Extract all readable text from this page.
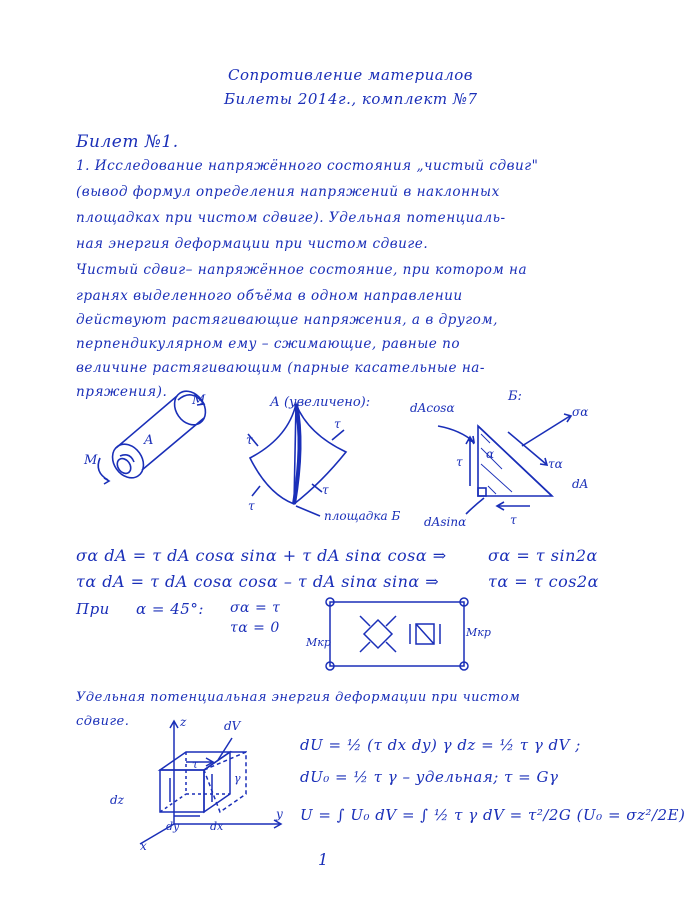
Сопротивление материалов
Билеты 2014г., комплект №7
Билет №1.
1. Исследование напряжённого состояния „чистый сдвиг"
(вывод формул определения напряжений в наклонных
площадках при чистом сдвиге). Удельная потенциаль-
ная энергия деформации при чистом сдвиге.
Чистый сдвиг– напряжённое состояние, при котором на
гранях выделенного объёма в одном направлении
действуют растягивающие напряжения, а в другом,
перпендикулярном ему – сжимающие, равные по
величине растягивающим (парные касательные на-
пряжения).
M
M
A
А (увеличено):
τ
τ
τ
τ
площадка Б
Б:
dAcosα
α
σα
τα
dA
τ
τ
dAsinα
σα dA = τ dA cosα sinα + τ dA sinα cosα ⇒	σα = τ sin2α
τα dA = τ dA cosα cosα – τ dA sinα sinα ⇒	τα = τ cos2α
При α = 45°: σα = τ
τα = 0
Mкр
Mкр
Удельная потенциальная энергия деформации при чистом
сдвиге.	z
y
x
dV
dz
dy	dx
τ
γ
dU = ½ (τ dx dy) γ dz = ½ τ γ dV ;
dU₀ = ½ τ γ – удельная; τ = Gγ
U = ∫ U₀ dV = ∫ ½ τ γ dV = τ²/2G (U₀ = σz²/2E)
1
